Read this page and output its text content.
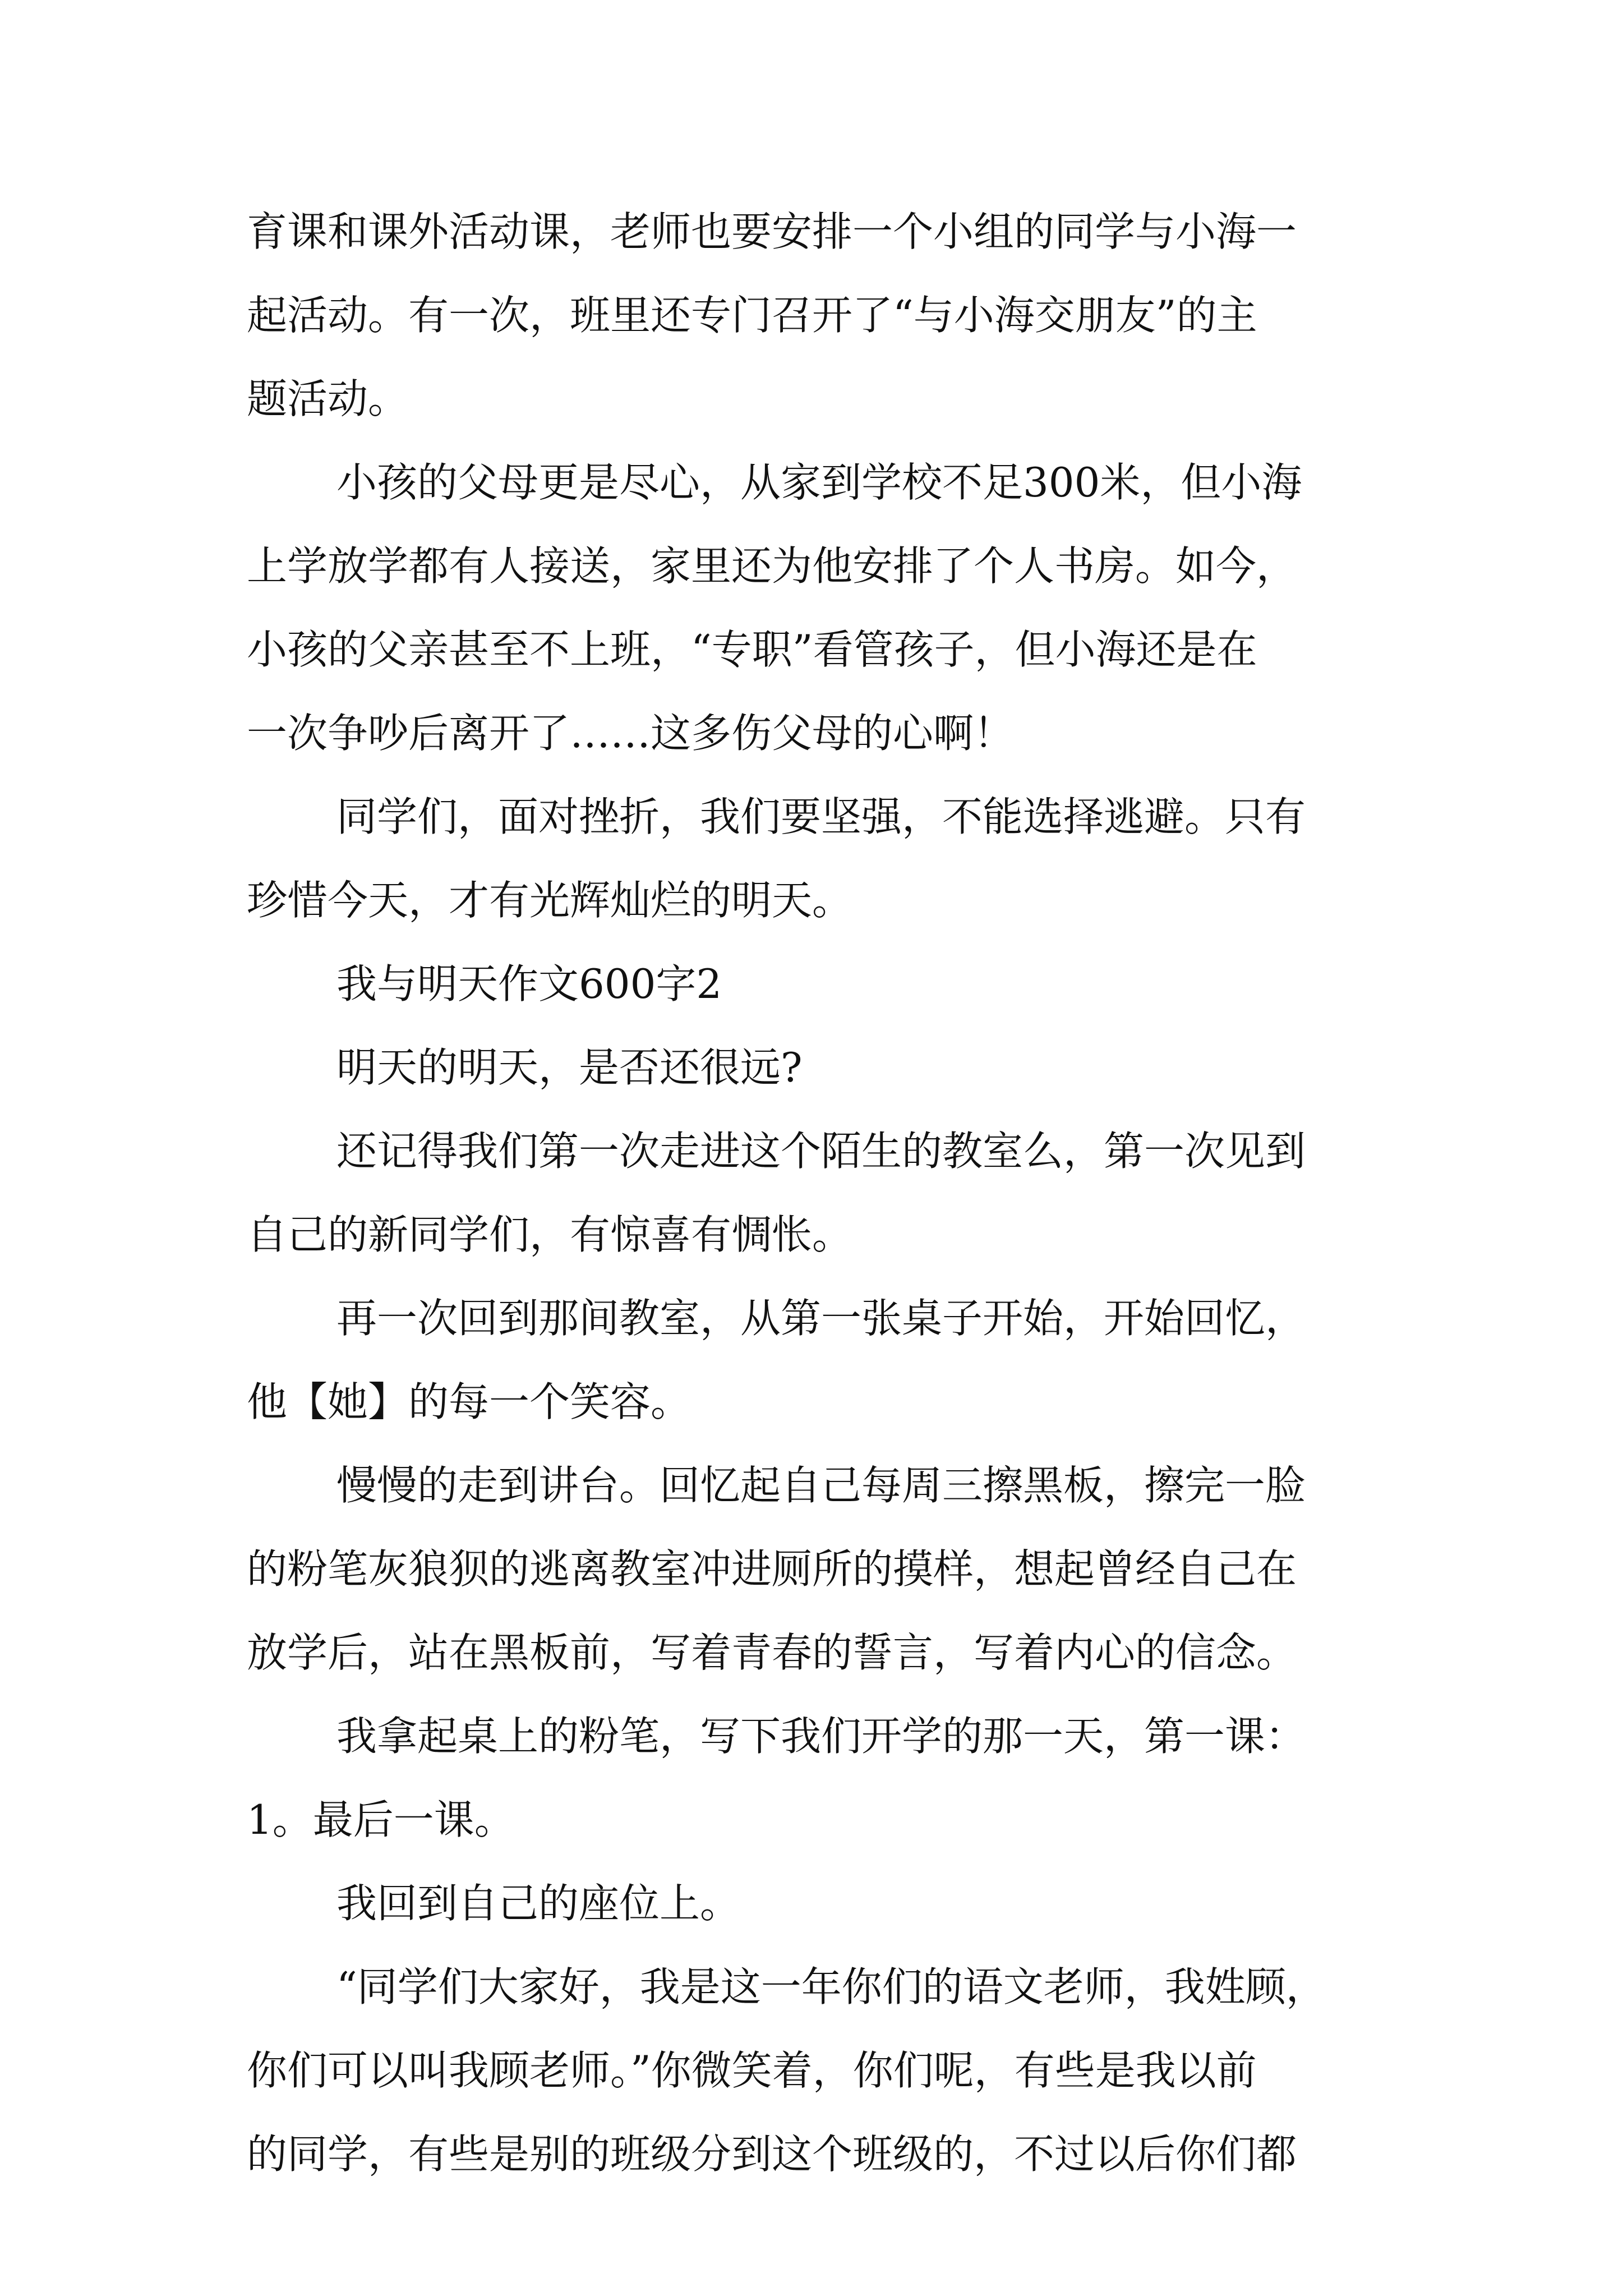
育课和课外活动课，老师也要安排一个小组的同学与小海一
起活动。有一次，班里还专门召开了“与小海交朋友”的主
题活动。
小孩的父母更是尽心，从家到学校不足300米，但小海
上学放学都有人接送，家里还为他安排了个人书房。如今，
小孩的父亲甚至不上班，“专职”看管孩子，但小海还是在
一次争吵后离开了……这多伤父母的心啊！
同学们，面对挫折，我们要坚强，不能选择逃避。只有
珍惜今天，才有光辉灿烂的明天。
我与明天作文600字2
明天的明天，是否还很远?
还记得我们第一次走进这个陌生的教室么，第一次见到
自己的新同学们，有惊喜有惆怅。
再一次回到那间教室，从第一张桌子开始，开始回忆，
他【她】的每一个笑容。
慢慢的走到讲台。回忆起自己每周三擦黑板，擦完一脸
的粉笔灰狼狈的逃离教室冲进厕所的摸样，想起曾经自己在
放学后，站在黑板前，写着青春的誓言，写着内心的信念。
我拿起桌上的粉笔，写下我们开学的那一天，第一课：
1。最后一课。
我回到自己的座位上。
“同学们大家好，我是这一年你们的语文老师，我姓顾，
你们可以叫我顾老师。”你微笑着，你们呢，有些是我以前
的同学，有些是别的班级分到这个班级的，不过以后你们都
